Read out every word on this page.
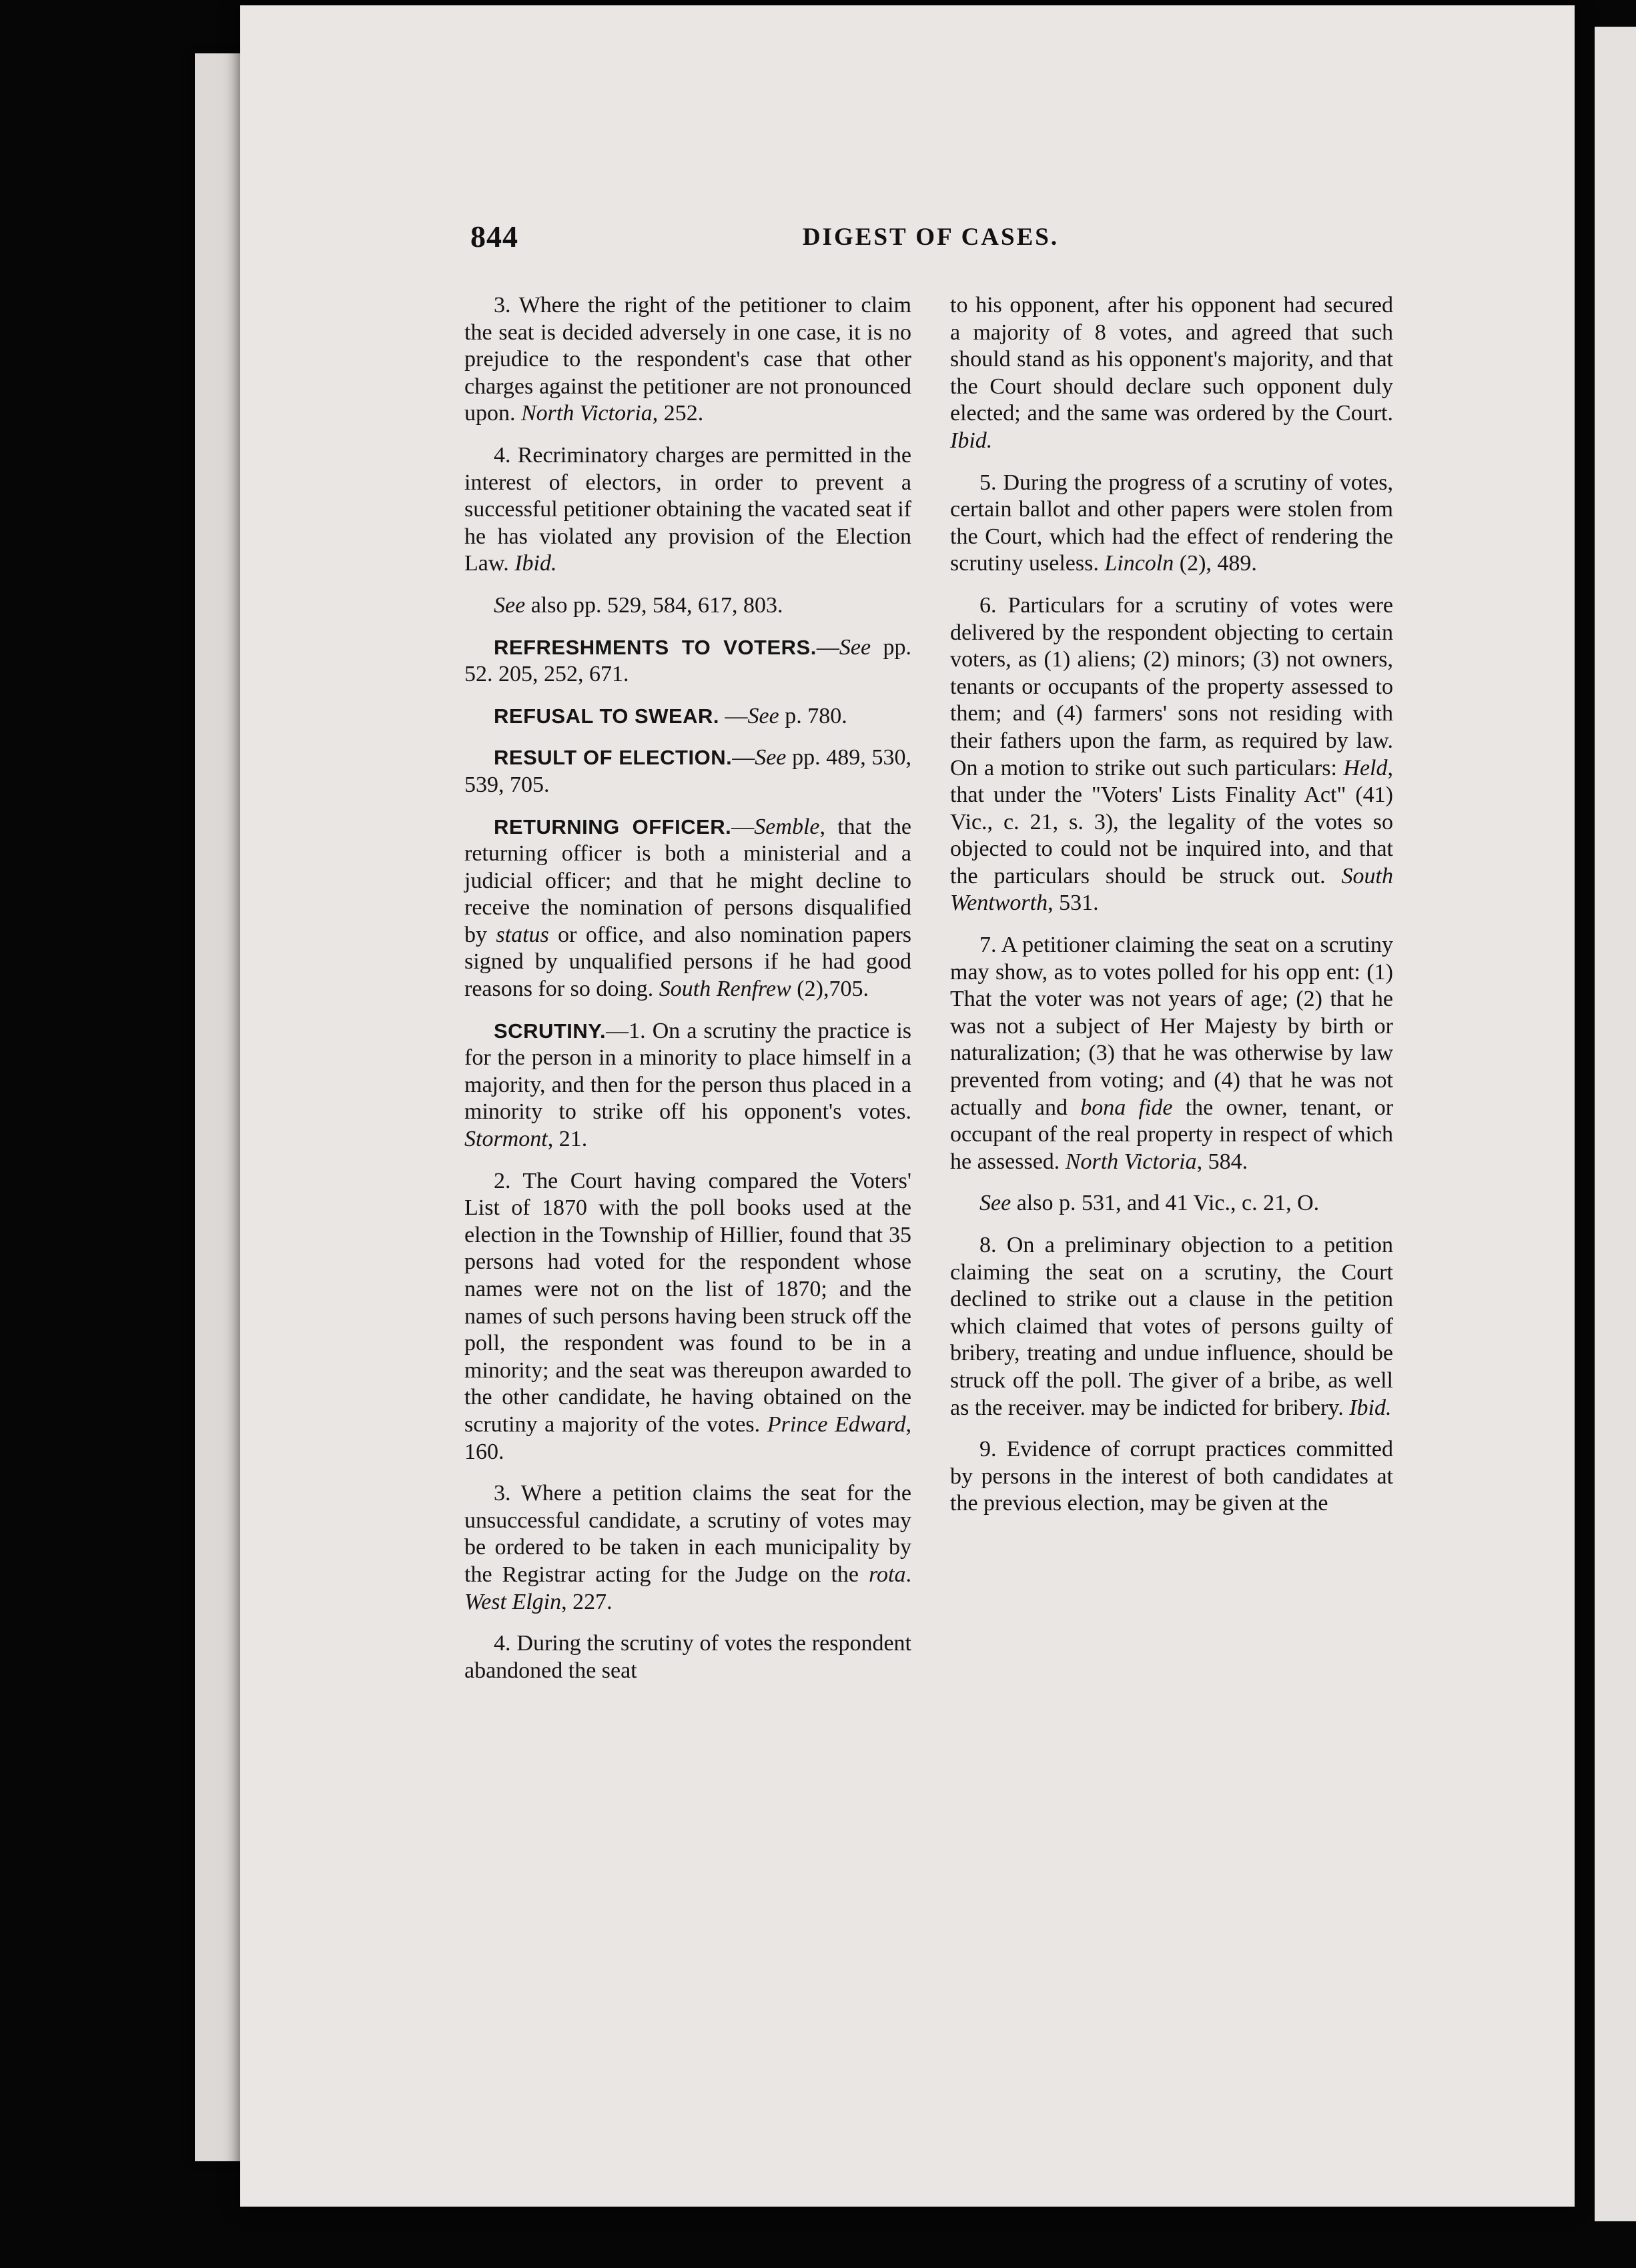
844	DIGEST OF CASES.

3. Where the right of the petitioner to claim the seat is decided adversely in one case, it is no prejudice to the respondent's case that other charges against the petitioner are not pronounced upon. North Victoria, 252.

4. Recriminatory charges are permitted in the interest of electors, in order to prevent a successful petitioner obtaining the vacated seat if he has violated any provision of the Election Law. Ibid.

See also pp. 529, 584, 617, 803.

REFRESHMENTS TO VOTERS.—See pp. 52. 205, 252, 671.

REFUSAL TO SWEAR. —See p. 780.

RESULT OF ELECTION.—See pp. 489, 530, 539, 705.

RETURNING OFFICER.—Semble, that the returning officer is both a ministerial and a judicial officer; and that he might decline to receive the nomination of persons disqualified by status or office, and also nomination papers signed by unqualified persons if he had good reasons for so doing. South Renfrew (2),705.

SCRUTINY.—1. On a scrutiny the practice is for the person in a minority to place himself in a majority, and then for the person thus placed in a minority to strike off his opponent's votes. Stormont, 21.

2. The Court having compared the Voters' List of 1870 with the poll books used at the election in the Township of Hillier, found that 35 persons had voted for the respondent whose names were not on the list of 1870; and the names of such persons having been struck off the poll, the respondent was found to be in a minority; and the seat was thereupon awarded to the other candidate, he having obtained on the scrutiny a majority of the votes. Prince Edward, 160.

3. Where a petition claims the seat for the unsuccessful candidate, a scrutiny of votes may be ordered to be taken in each municipality by the Registrar acting for the Judge on the rota. West Elgin, 227.

4. During the scrutiny of votes the respondent abandoned the seat

to his opponent, after his opponent had secured a majority of 8 votes, and agreed that such should stand as his opponent's majority, and that the Court should declare such opponent duly elected; and the same was ordered by the Court. Ibid.

5. During the progress of a scrutiny of votes, certain ballot and other papers were stolen from the Court, which had the effect of rendering the scrutiny useless. Lincoln (2), 489.

6. Particulars for a scrutiny of votes were delivered by the respondent objecting to certain voters, as (1) aliens; (2) minors; (3) not owners, tenants or occupants of the property assessed to them; and (4) farmers' sons not residing with their fathers upon the farm, as required by law. On a motion to strike out such particulars: Held, that under the "Voters' Lists Finality Act" (41) Vic., c. 21, s. 3), the legality of the votes so objected to could not be inquired into, and that the particulars should be struck out. South Wentworth, 531.

7. A petitioner claiming the seat on a scrutiny may show, as to votes polled for his opp ent: (1) That the voter was not years of age; (2) that he was not a subject of Her Majesty by birth or naturalization; (3) that he was otherwise by law prevented from voting; and (4) that he was not actually and bona fide the owner, tenant, or occupant of the real property in respect of which he assessed. North Victoria, 584.

See also p. 531, and 41 Vic., c. 21, O.

8. On a preliminary objection to a petition claiming the seat on a scrutiny, the Court declined to strike out a clause in the petition which claimed that votes of persons guilty of bribery, treating and undue influence, should be struck off the poll. The giver of a bribe, as well as the receiver. may be indicted for bribery. Ibid.

9. Evidence of corrupt practices committed by persons in the interest of both candidates at the previous election, may be given at the
